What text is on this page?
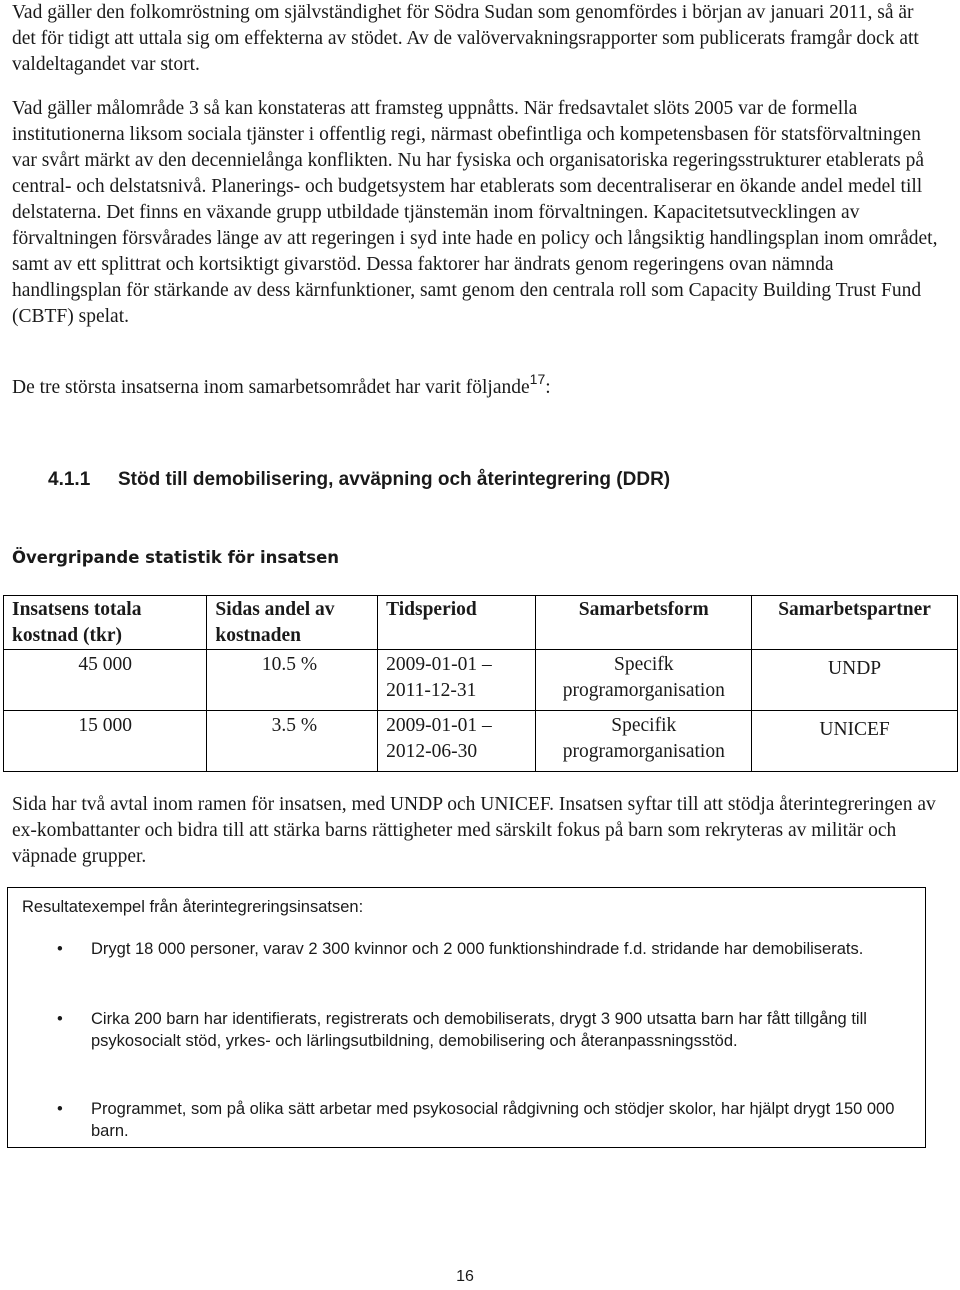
Vad gäller den folkomröstning om självständighet för Södra Sudan som genomfördes i början av januari 2011, så är det för tidigt att uttala sig om effekterna av stödet. Av de valövervakningsrapporter som publicerats framgår dock att valdeltagandet var stort.

Vad gäller målområde 3 så kan konstateras att framsteg uppnåtts. När fredsavtalet slöts 2005 var de formella institutionerna liksom sociala tjänster i offentlig regi, närmast obefintliga och kompetensbasen för statsförvaltningen var svårt märkt av den decennielånga konflikten. Nu har fysiska och organisatoriska regeringsstrukturer etablerats på central- och delstatsnivå. Planerings- och budgetsystem har etablerats som decentraliserar en ökande andel medel till delstaterna. Det finns en växande grupp utbildade tjänstemän inom förvaltningen. Kapacitetsutvecklingen av förvaltningen försvårades länge av att regeringen i syd inte hade en policy och långsiktig handlingsplan inom området, samt av ett splittrat och kortsiktigt givarstöd. Dessa faktorer har ändrats genom regeringens ovan nämnda handlingsplan för stärkande av dess kärnfunktioner, samt genom den centrala roll som Capacity Building Trust Fund (CBTF) spelat.

De tre största insatserna inom samarbetsområdet har varit följande$^{17}$:

4.1.1 Stöd till demobilisering, avväpning och återintegrering (DDR)
Övergripande statistik för insatsen
Insatsens totala kostnad (tkr)	Sidas andel av kostnaden	Tidsperiod	Samarbetsform	Samarbetspartner
45 000	10.5 %	2009-01-01 – 2011-12-31	Specifk programorganisation	UNDP
15 000	3.5 %	2009-01-01 – 2012-06-30	Specifik programorganisation	UNICEF

Sida har två avtal inom ramen för insatsen, med UNDP och UNICEF. Insatsen syftar till att stödja återintegreringen av ex-kombattanter och bidra till att stärka barns rättigheter med särskilt fokus på barn som rekryteras av militär och väpnade grupper.

Resultatexempel från återintegreringsinsatsen:

• Drygt 18 000 personer, varav 2 300 kvinnor och 2 000 funktionshindrade f.d. stridande har demobiliserats.
• Cirka 200 barn har identifierats, registrerats och demobiliserats, drygt 3 900 utsatta barn har fått tillgång till psykosocialt stöd, yrkes- och lärlingsutbildning, demobilisering och återanpassningsstöd.
• Programmet, som på olika sätt arbetar med psykosocial rådgivning och stödjer skolor, har hjälpt drygt 150 000 barn.
16
